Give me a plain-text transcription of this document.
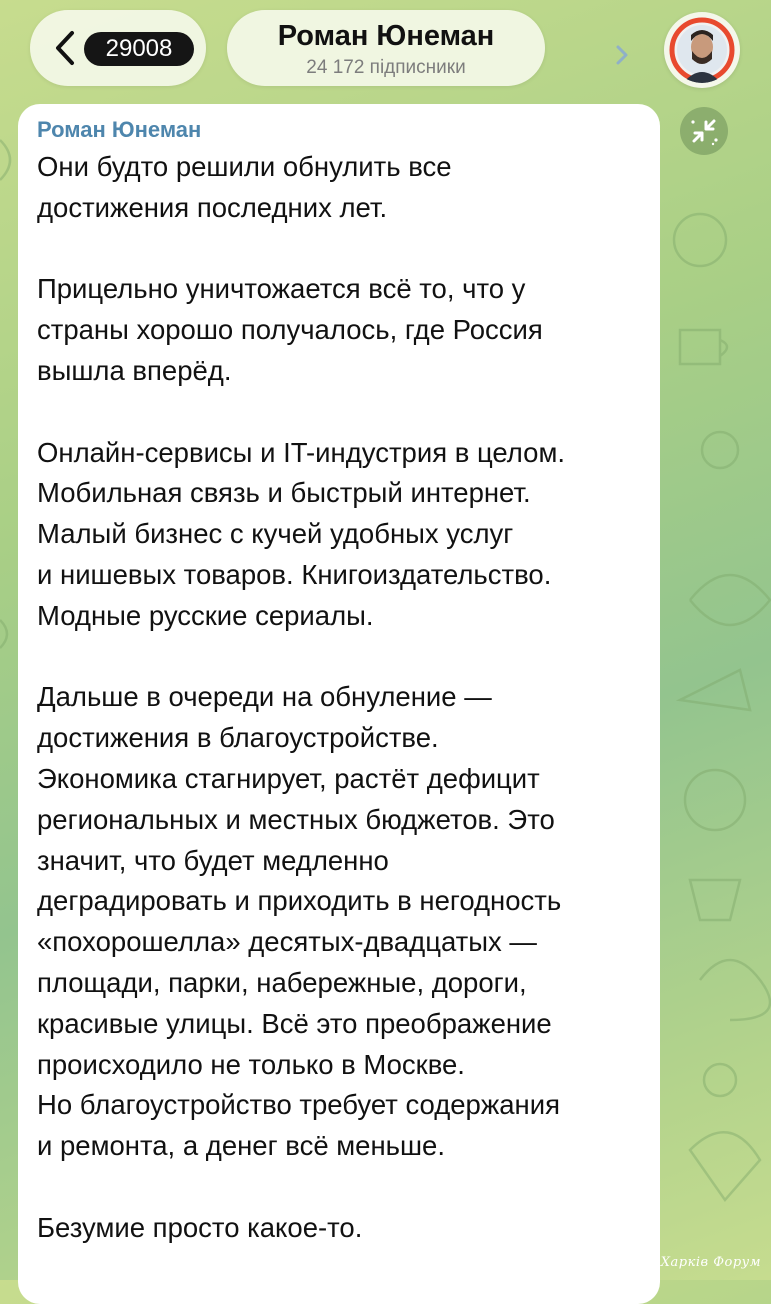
29008	Роман Юнеман
24 172 підписники
Роман Юнеман
Они будто решили обнулить все
достижения последних лет.
Прицельно уничтожается всё то, что у
страны хорошо получалось, где Россия
вышла вперёд.
Онлайн-сервисы и IT-индустрия в целом.
Мобильная связь и быстрый интернет.
Малый бизнес с кучей удобных услуг
и нишевых товаров. Книгоиздательство.
Модные русские сериалы.
Дальше в очереди на обнуление —
достижения в благоустройстве.
Экономика стагнирует, растёт дефицит
региональных и местных бюджетов. Это
значит, что будет медленно
деградировать и приходить в негодность
«похорошелла» десятых-двадцатых —
площади, парки, набережные, дороги,
красивые улицы. Всё это преображение
происходило не только в Москве.
Но благоустройство требует содержания
и ремонта, а денег всё меньше.
Безумие просто какое-то.
Харків Форум
